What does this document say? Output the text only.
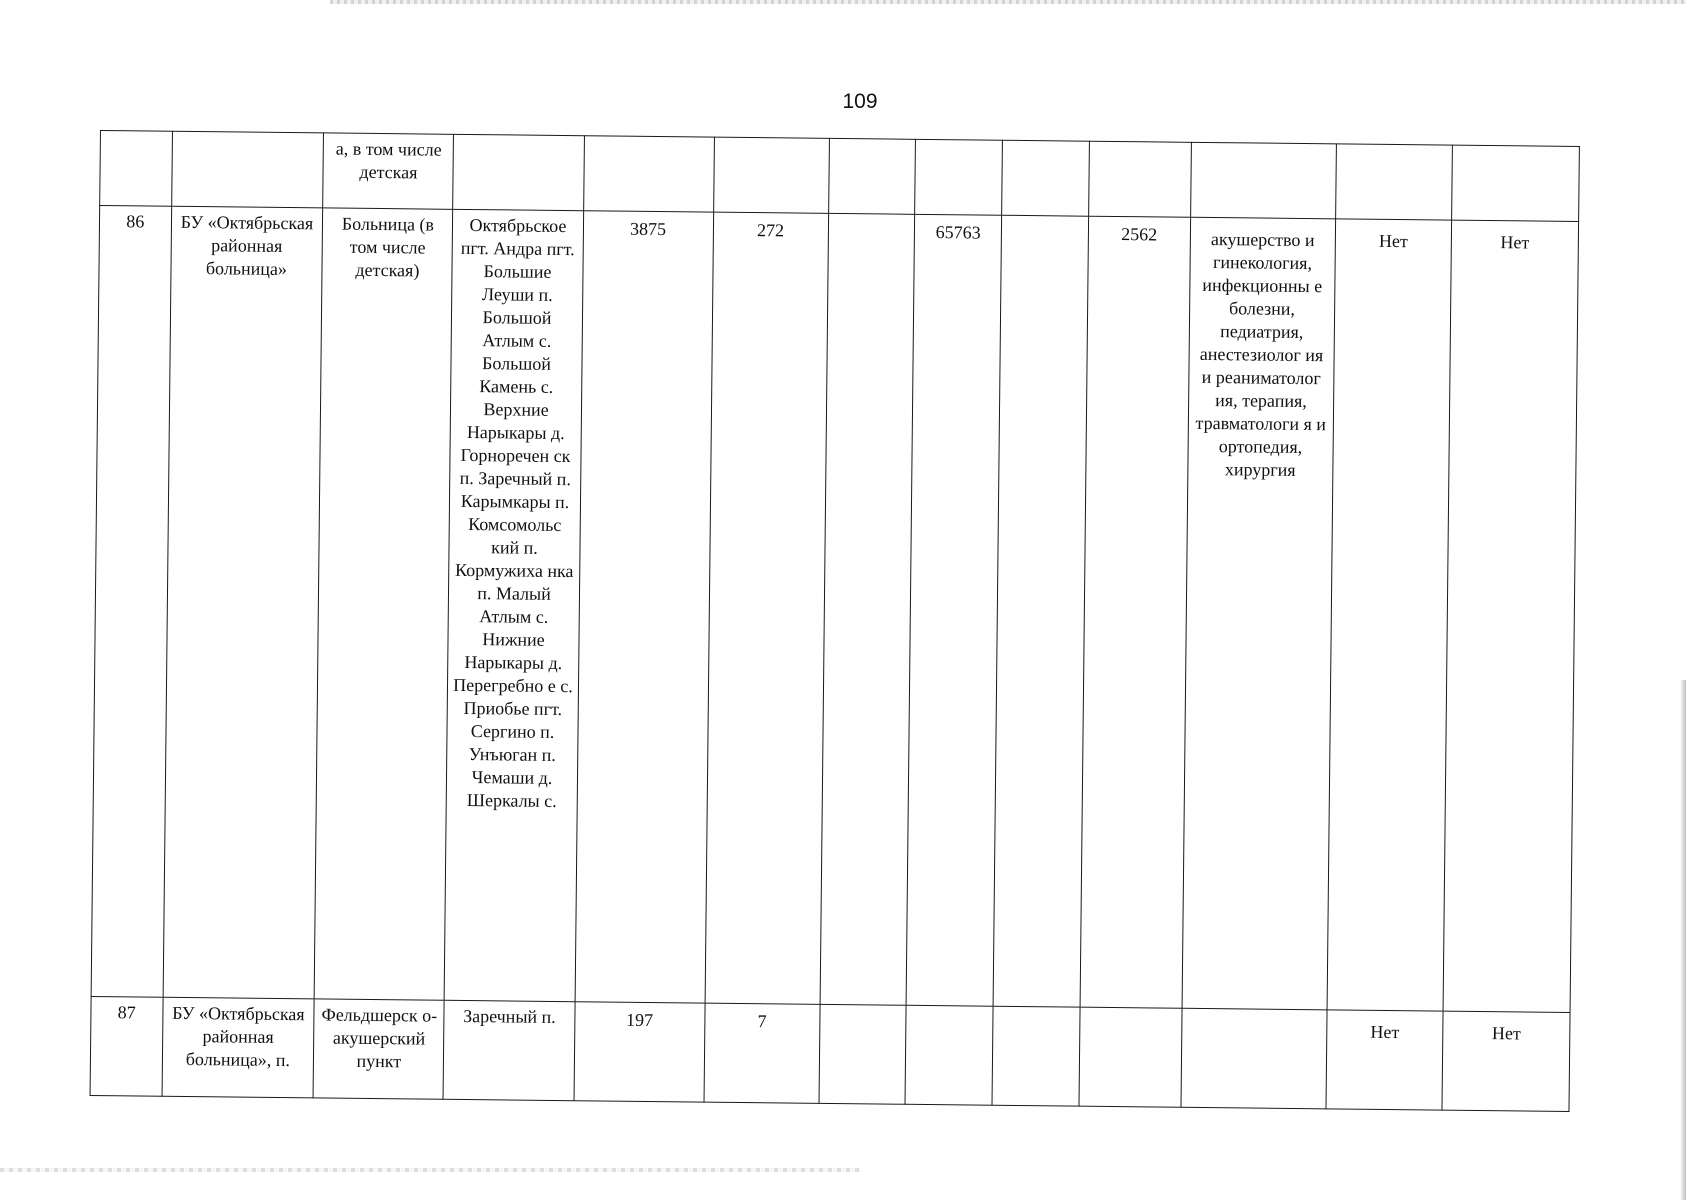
109
		а, в том числе детская										
86	БУ «Октябрьская районная больница»	Больница (в том числе детская)	Октябрьское пгт. Андра пгт. Большие Леуши п. Большой Атлым с. Большой Камень с. Верхние Нарыкары д. Горноречен ск п. Заречный п. Карымкары п. Комсомольс кий п. Кормужиха нка п. Малый Атлым с. Нижние Нарыкары д. Перегребно е с. Приобье пгт. Сергино п. Унъюган п. Чемаши д. Шеркалы с.	3875	272		65763		2562	акушерство и гинекология, инфекционны е болезни, педиатрия, анестезиолог ия и реаниматолог ия, терапия, травматологи я и ортопедия, хирургия	Нет	Нет
87	БУ «Октябрьская районная больница», п.	Фельдшерск о-акушерский пункт	Заречный п.	197	7						Нет	Нет
